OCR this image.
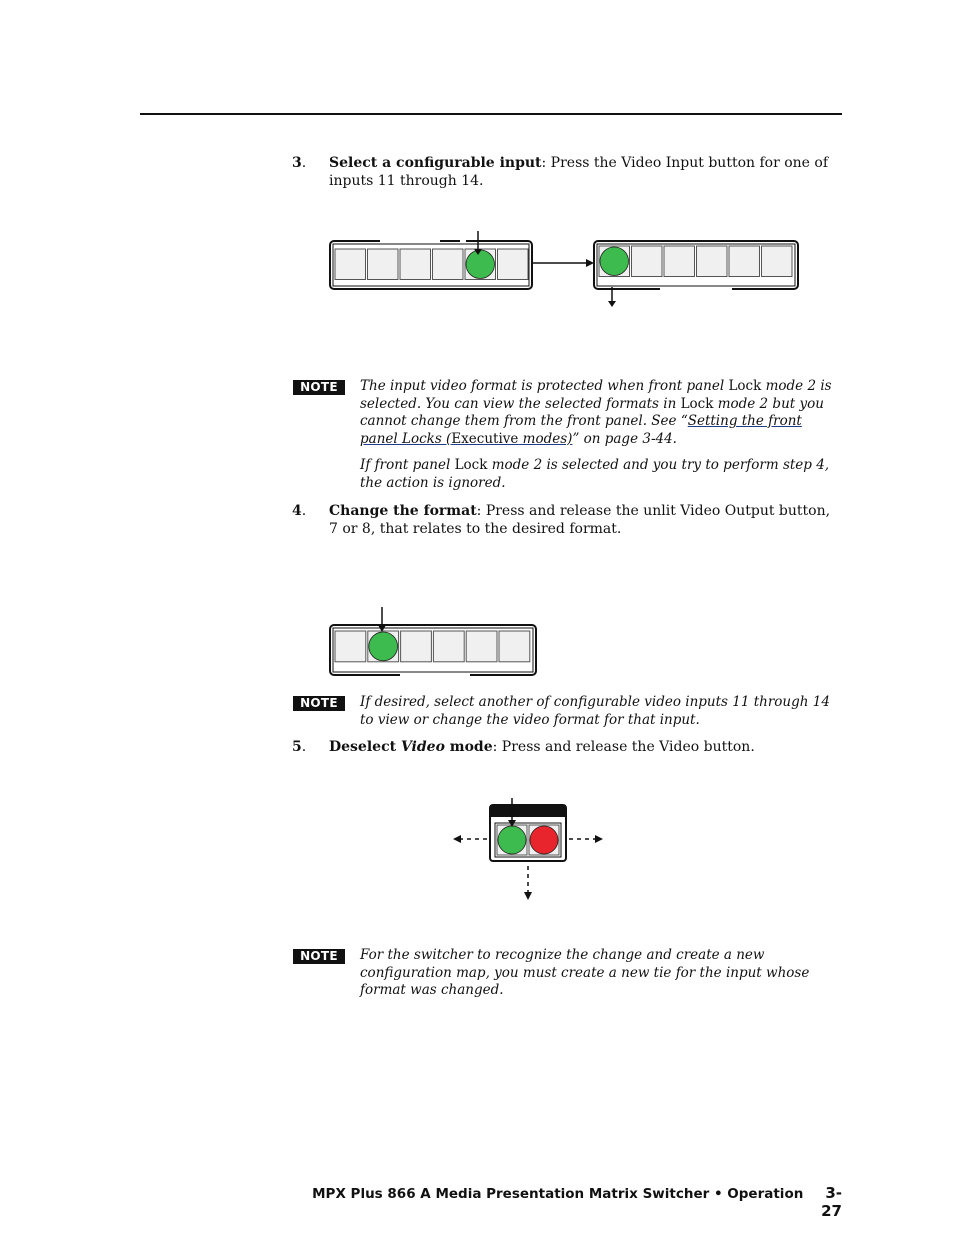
3. Select a configurable input: Press the Video Input button for one of inputs 11 through 14.
NOTE	The input video format is protected when front panel Lock mode 2 is selected. You can view the selected formats in Lock mode 2 but you cannot change them from the front panel. See “Setting the front panel Locks (Executive modes)” on page 3-44.

If front panel Lock mode 2 is selected and you try to perform step 4, the action is ignored.

4. Change the format: Press and release the unlit Video Output button, 7 or 8, that relates to the desired format.
NOTE	If desired, select another of configurable video inputs 11 through 14 to view or change the video format for that input.
5. Deselect Video mode: Press and release the Video button.
NOTE	For the switcher to recognize the change and create a new configuration map, you must create a new tie for the input whose format was changed.
MPX Plus 866 A Media Presentation Matrix Switcher • Operation 3-27
